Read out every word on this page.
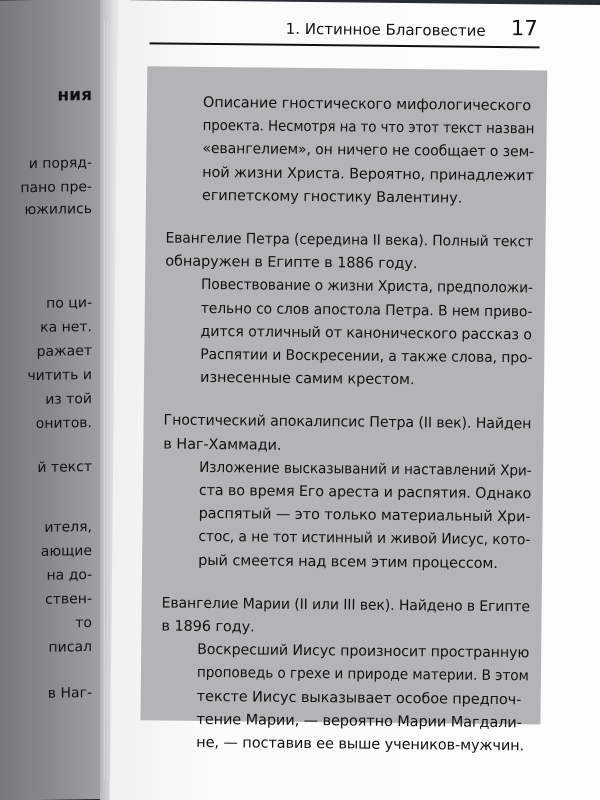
ния
и поряд-
пано пре-
южились
по ци-
ка нет.
ражает
читить и
из той
онитов.
й текст
ителя,
ающие
на до-
ствен-
то
писал
в Наг-
1. Истинное Благовестие 17
Описание гностического мифологического
проекта. Несмотря на то что этот текст назван
«евангелием», он ничего не сообщает о зем-
ной жизни Христа. Вероятно, принадлежит
египетскому гностику Валентину.
Евангелие Петра (середина II века). Полный текст
обнаружен в Египте в 1886 году.
Повествование о жизни Христа, предположи-
тельно со слов апостола Петра. В нем приво-
дится отличный от канонического рассказ о
Распятии и Воскресении, а также слова, про-
изнесенные самим крестом.
Гностический апокалипсис Петра (II век). Найден
в Наг-Хаммади.
Изложение высказываний и наставлений Хри-
ста во время Его ареста и распятия. Однако
распятый — это только материальный Хри-
стос, а не тот истинный и живой Иисус, кото-
рый смеется над всем этим процессом.
Евангелие Марии (II или III век). Найдено в Египте
в 1896 году.
Воскресший Иисус произносит пространную
проповедь о грехе и природе материи. В этом
тексте Иисус выказывает особое предпоч-
тение Марии, — вероятно Марии Магдали-
не, — поставив ее выше учеников-мужчин.
